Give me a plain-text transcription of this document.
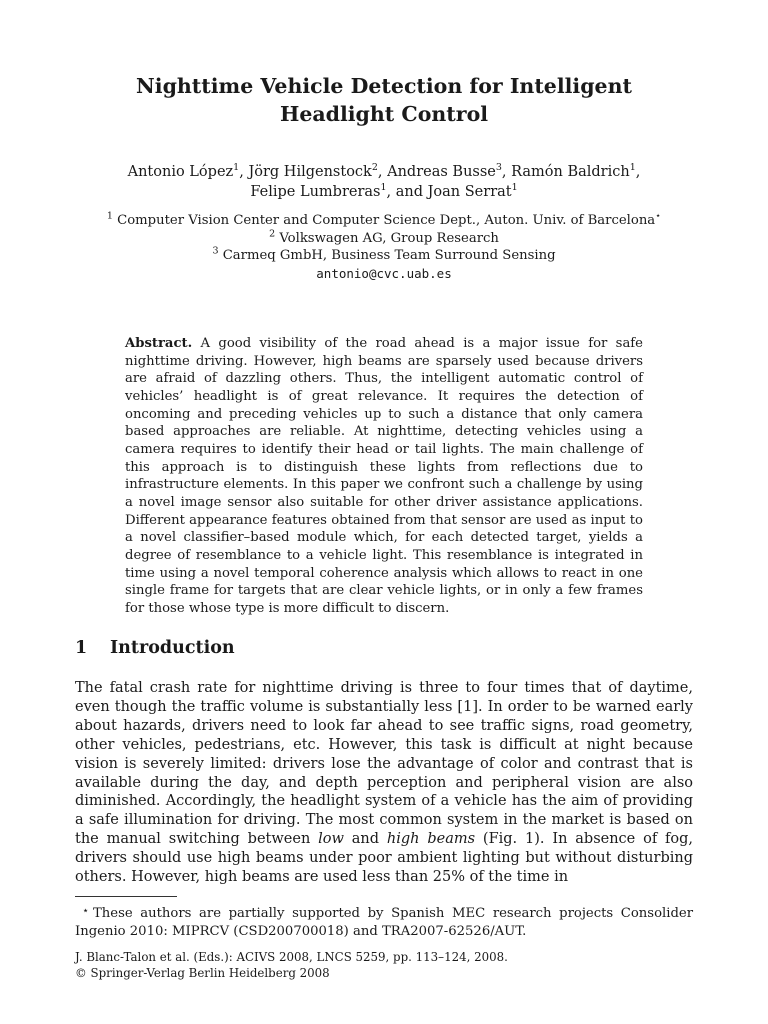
Nighttime Vehicle Detection for Intelligent
Headlight Control
Antonio López$^1$, Jörg Hilgenstock$^2$, Andreas Busse$^3$, Ramón Baldrich$^1$,
Felipe Lumbreras$^1$, and Joan Serrat$^1$
$^1$ Computer Vision Center and Computer Science Dept., Auton. Univ. of Barcelona⋆
$^2$ Volkswagen AG, Group Research
$^3$ Carmeq GmbH, Business Team Surround Sensing
antonio@cvc.uab.es

Abstract. A good visibility of the road ahead is a major issue for safe nighttime driving. However, high beams are sparsely used because drivers are afraid of dazzling others. Thus, the intelligent automatic control of vehicles’ headlight is of great relevance. It requires the detection of oncoming and preceding vehicles up to such a distance that only camera based approaches are reliable. At nighttime, detecting vehicles using a camera requires to identify their head or tail lights. The main challenge of this approach is to distinguish these lights from reflections due to infrastructure elements. In this paper we confront such a challenge by using a novel image sensor also suitable for other driver assistance applications. Different appearance features obtained from that sensor are used as input to a novel classifier–based module which, for each detected target, yields a degree of resemblance to a vehicle light. This resemblance is integrated in time using a novel temporal coherence analysis which allows to react in one single frame for targets that are clear vehicle lights, or in only a few frames for those whose type is more difficult to discern.

1 Introduction

The fatal crash rate for nighttime driving is three to four times that of daytime, even though the traffic volume is substantially less [1]. In order to be warned early about hazards, drivers need to look far ahead to see traffic signs, road geometry, other vehicles, pedestrians, etc. However, this task is difficult at night because vision is severely limited: drivers lose the advantage of color and contrast that is available during the day, and depth perception and peripheral vision are also diminished. Accordingly, the headlight system of a vehicle has the aim of providing a safe illumination for driving. The most common system in the market is based on the manual switching between low and high beams (Fig. 1). In absence of fog, drivers should use high beams under poor ambient lighting but without disturbing others. However, high beams are used less than 25% of the time in

⋆ These authors are partially supported by Spanish MEC research projects Consolider Ingenio 2010: MIPRCV (CSD200700018) and TRA2007-62526/AUT.

J. Blanc-Talon et al. (Eds.): ACIVS 2008, LNCS 5259, pp. 113–124, 2008.
© Springer-Verlag Berlin Heidelberg 2008
